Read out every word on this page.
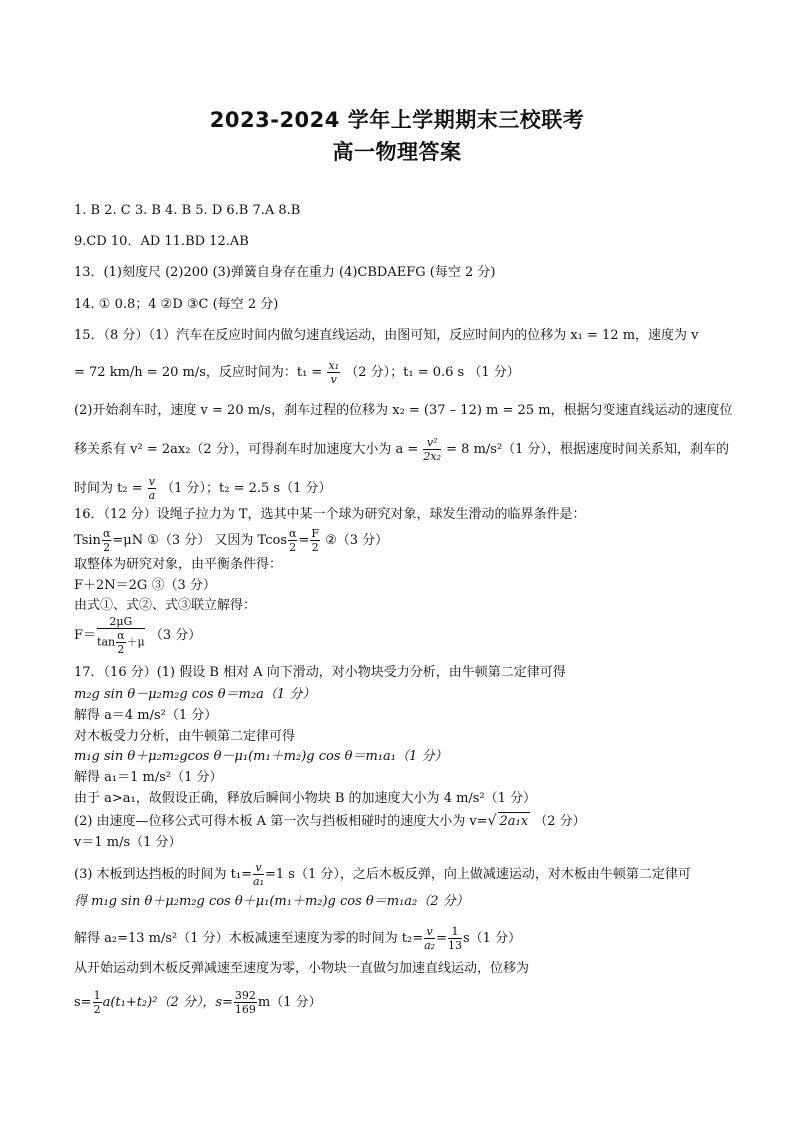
2023-2024 学年上学期期末三校联考
高一物理答案
1. B 2. C 3. B 4. B 5. D 6.B 7.A 8.B
9.CD 10．AD 11.BD 12.AB
13．(1)刻度尺 (2)200 (3)弹簧自身存在重力 (4)CBDAEFG (每空 2 分)
14. ① 0.8；4 ②D ③C (每空 2 分)
15．（8 分）（1）汽车在反应时间内做匀速直线运动，由图可知，反应时间内的位移为 x₁ = 12 m，速度为 v
= 72 km/h = 20 m/s，反应时间为：$t_1 = \frac{\text{x₁}}{v} (2$ 分）；t₁ = 0.6 s （1 分）
(2)开始刹车时，速度 v = 20 m/s，刹车过程的位移为 x₂ = (37 – 12) m = 25 m，根据匀变速直线运动的速度位
移关系有 v² = 2ax₂（2 分），可得刹车时加速度大小为 $a = \frac{\text{v²}}{\text{2x₂}} = 8$ m/s²（1 分），根据速度时间关系知，刹车的
时间为 $t_2 = \frac{v}{a} (1$ 分）；t₂ = 2.5 s（1 分）
16．（12 分）设绳子拉力为 T，选其中某一个球为研究对象，球发生滑动的临界条件是：
Tsin $\frac{\alpha}{2} =\mu N$ ①（3 分） 又因为 Tcos $\frac{\alpha}{2} = \frac{F}{2}$ ②（3 分）
取整体为研究对象，由平衡条件得：
F＋2N＝2G ③（3 分）
由式①、式②、式③联立解得：
$F= \frac{2\mu G}{\tan \frac{\alpha}{2} +\mu} (3$ 分）
17．（16 分）(1) 假设 B 相对 A 向下滑动，对小物块受力分析，由牛顿第二定律可得
m₂g sin θ－μ₂m₂g cos θ＝m₂a（1 分）
解得 a＝4 m/s²（1 分）
对木板受力分析，由牛顿第二定律可得
m₁g sin θ＋μ₂m₂gcos θ－μ₁(m₁＋m₂)g cos θ＝m₁a₁（1 分）
解得 a₁＝1 m/s²（1 分）
由于 a>a₁，故假设正确，释放后瞬间小物块 B 的加速度大小为 4 m/s²（1 分）
(2) 由速度—位移公式可得木板 A 第一次与挡板相碰时的速度大小为 v=√ 2a₁x （2 分）
v＝1 m/s（1 分）
(3) 木板到达挡板的时间为 $t_1= \frac{v}{\text{a₁}} =1$ s（1 分），之后木板反弹，向上做减速运动，对木板由牛顿第二定律可
得 m₁g sin θ＋μ₂m₂g cos θ＋μ₁(m₁＋m₂)g cos θ＝m₁a₂（2 分）
解得 a₂=13 m/s²（1 分）木板减速至速度为零的时间为 $t_2= \frac{v}{\text{a₂}} = \frac{1}{13} s(1$ 分）
从开始运动到木板反弹减速至速度为零，小物块一直做匀加速直线运动，位移为
$s= \frac{1}{2} a(t_1+t_2)^2(2$ 分），$s= \frac{392}{169} m(1$ 分）
